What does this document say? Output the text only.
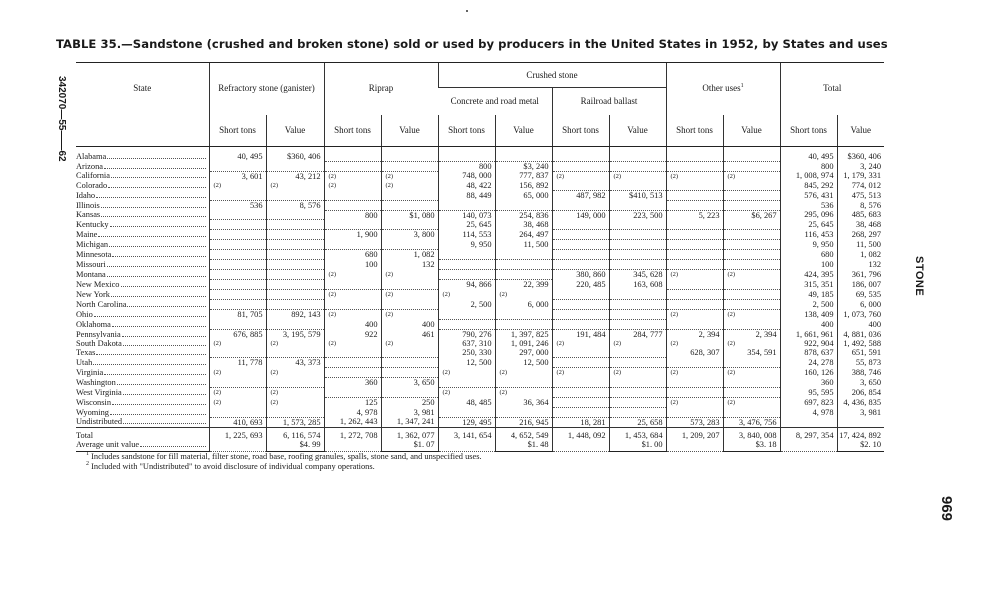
TABLE 35.—Sandstone (crushed and broken stone) sold or used by producers in the United States in 1952, by States and uses
342070—55——62
STONE
969
State	Refractory stone (ganister)		Riprap		Crushed stone				Other uses$^1$		Total	
					Concrete and road metal		Railroad ballast					
	Short tons	Value	Short tons	Value	Short tons	Value	Short tons	Value	Short tons	Value	Short tons	Value

Alabama	40, 495	$360, 406									40, 495	$360, 406

Arizona					800	$3, 240					800	3, 240

California	3, 601	43, 212	(2)	(2)	748, 000	777, 837	(2)	(2)	(2)	(2)	1, 008, 974	1, 179, 331

Colorado	(2)	(2)	(2)	(2)	48, 422	156, 892					845, 292	774, 012

Idaho					88, 449	65, 000	487, 982	$410, 513			576, 431	475, 513

Illinois	536	8, 576									536	8, 576

Kansas			800	$1, 080	140, 073	254, 836	149, 000	223, 500	5, 223	$6, 267	295, 096	485, 683

Kentucky					25, 645	38, 468					25, 645	38, 468

Maine			1, 900	3, 800	114, 553	264, 497					116, 453	268, 297

Michigan					9, 950	11, 500					9, 950	11, 500

Minnesota			680	1, 082							680	1, 082

Missouri			100	132							100	132

Montana			(2)	(2)			380, 860	345, 628	(2)	(2)	424, 395	361, 796

New Mexico					94, 866	22, 399	220, 485	163, 608			315, 351	186, 007

New York			(2)	(2)	(2)	(2)					49, 185	69, 535

North Carolina					2, 500	6, 000					2, 500	6, 000

Ohio	81, 705	892, 143	(2)	(2)					(2)	(2)	138, 409	1, 073, 760

Oklahoma			400	400							400	400

Pennsylvania	676, 885	3, 195, 579	922	461	790, 276	1, 397, 825	191, 484	284, 777	2, 394	2, 394	1, 661, 961	4, 881, 036

South Dakota	(2)	(2)	(2)	(2)	637, 310	1, 091, 246	(2)	(2)	(2)	(2)	922, 904	1, 492, 588

Texas					250, 330	297, 000			628, 307	354, 591	878, 637	651, 591

Utah	11, 778	43, 373			12, 500	12, 500					24, 278	55, 873

Virginia	(2)	(2)			(2)	(2)	(2)	(2)	(2)	(2)	160, 126	388, 746

Washington			360	3, 650							360	3, 650

West Virginia	(2)	(2)			(2)	(2)					95, 595	206, 854

Wisconsin	(2)	(2)	125	250	48, 485	36, 364			(2)	(2)	697, 823	4, 436, 835

Wyoming			4, 978	3, 981							4, 978	3, 981

Undistributed	410, 693	1, 573, 285	1, 262, 443	1, 347, 241	129, 495	216, 945	18, 281	25, 658	573, 283	3, 476, 756		
Total	1, 225, 693	6, 116, 574	1, 272, 708	1, 362, 077	3, 141, 654	4, 652, 549	1, 448, 092	1, 453, 684	1, 209, 207	3, 840, 008	8, 297, 354	17, 424, 892

Average unit value		$4. 99		$1. 07		$1. 48		$1. 00		$3. 18		$2. 10
$^1$ Includes sandstone for fill material, filter stone, road base, roofing granules, spalls, stone sand, and unspecified uses.
$^2$ Included with "Undistributed" to avoid disclosure of individual company operations.
